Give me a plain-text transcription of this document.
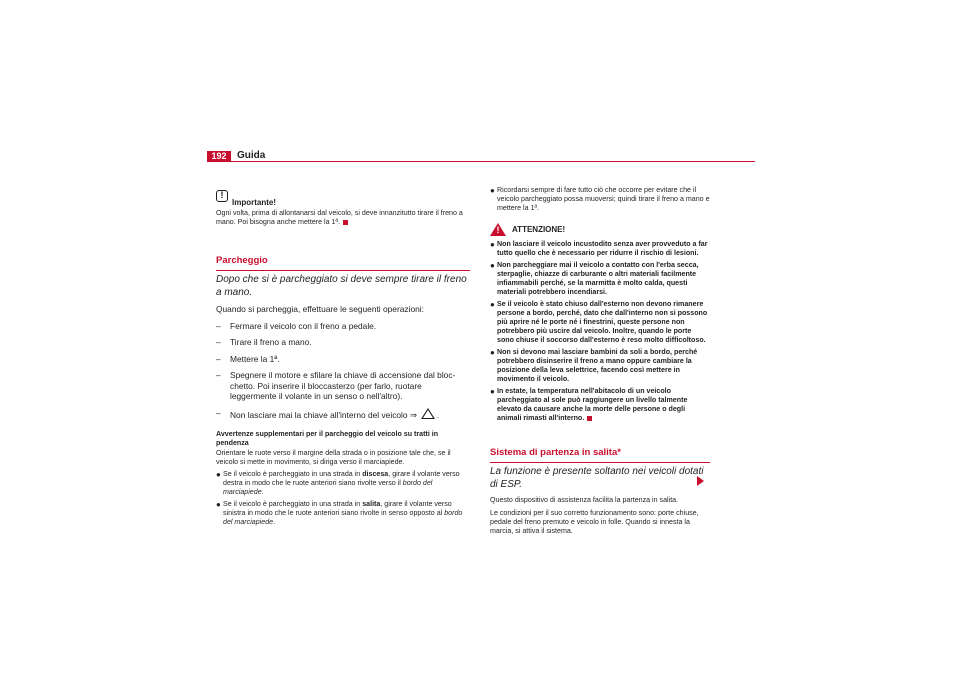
192	Guida
!
Importante!

Ogni volta, prima di allontanarsi dal veicolo, si deve innanzitutto tirare il freno a mano. Poi bisogna anche mettere la 1ª.

Parcheggio

Dopo che si è parcheggiato si deve sempre tirare il freno a mano.

Quando si parcheggia, effettuare le seguenti operazioni:

–	Fermare il veicolo con il freno a pedale.
–	Tirare il freno a mano.
–	Mettere la 1ª.
–	Spegnere il motore e sfilare la chiave di accensione dal blocchetto. Poi inserire il bloccasterzo (per farlo, ruotare leggermente il volante in un senso o nell'altro).
–	Non lasciare mai la chiave all'interno del veicolo ⇒ .

Avvertenze supplementari per il parcheggio del veicolo su tratti in pendenza

Orientare le ruote verso il margine della strada o in posizione tale che, se il veicolo si mette in movimento, si diriga verso il marciapiede.

● Se il veicolo è parcheggiato in una strada in discesa, girare il volante verso destra in modo che le ruote anteriori siano rivolte verso il bordo del marciapiede.
● Se il veicolo è parcheggiato in una strada in salita, girare il volante verso sinistra in modo che le ruote anteriori siano rivolte in senso opposto al bordo del marciapiede.
● Ricordarsi sempre di fare tutto ciò che occorre per evitare che il veicolo parcheggiato possa muoversi; quindi tirare il freno a mano e mettere la 1ª.
! ATTENZIONE!
● Non lasciare il veicolo incustodito senza aver provveduto a far tutto quello che è necessario per ridurre il rischio di lesioni.
● Non parcheggiare mai il veicolo a contatto con l'erba secca, sterpaglie, chiazze di carburante o altri materiali facilmente infiammabili perché, se la marmitta è molto calda, questi materiali potrebbero incendiarsi.
● Se il veicolo è stato chiuso dall'esterno non devono rimanere persone a bordo, perché, dato che dall'interno non si possono più aprire né le porte né i finestrini, queste persone non potrebbero più uscire dal veicolo. Inoltre, quando le porte sono chiuse il soccorso dall'esterno è reso molto difficoltoso.
● Non si devono mai lasciare bambini da soli a bordo, perché potrebbero disinserire il freno a mano oppure cambiare la posizione della leva selettrice, facendo così mettere in movimento il veicolo.
● In estate, la temperatura nell'abitacolo di un veicolo parcheggiato al sole può raggiungere un livello talmente elevato da causare anche la morte delle persone o degli animali rimasti all'interno.

Sistema di partenza in salita*

La funzione è presente soltanto nei veicoli dotati di ESP.

Questo dispositivo di assistenza facilita la partenza in salita.

Le condizioni per il suo corretto funzionamento sono: porte chiuse, pedale del freno premuto e veicolo in folle. Quando si innesta la marcia, si attiva il sistema.
